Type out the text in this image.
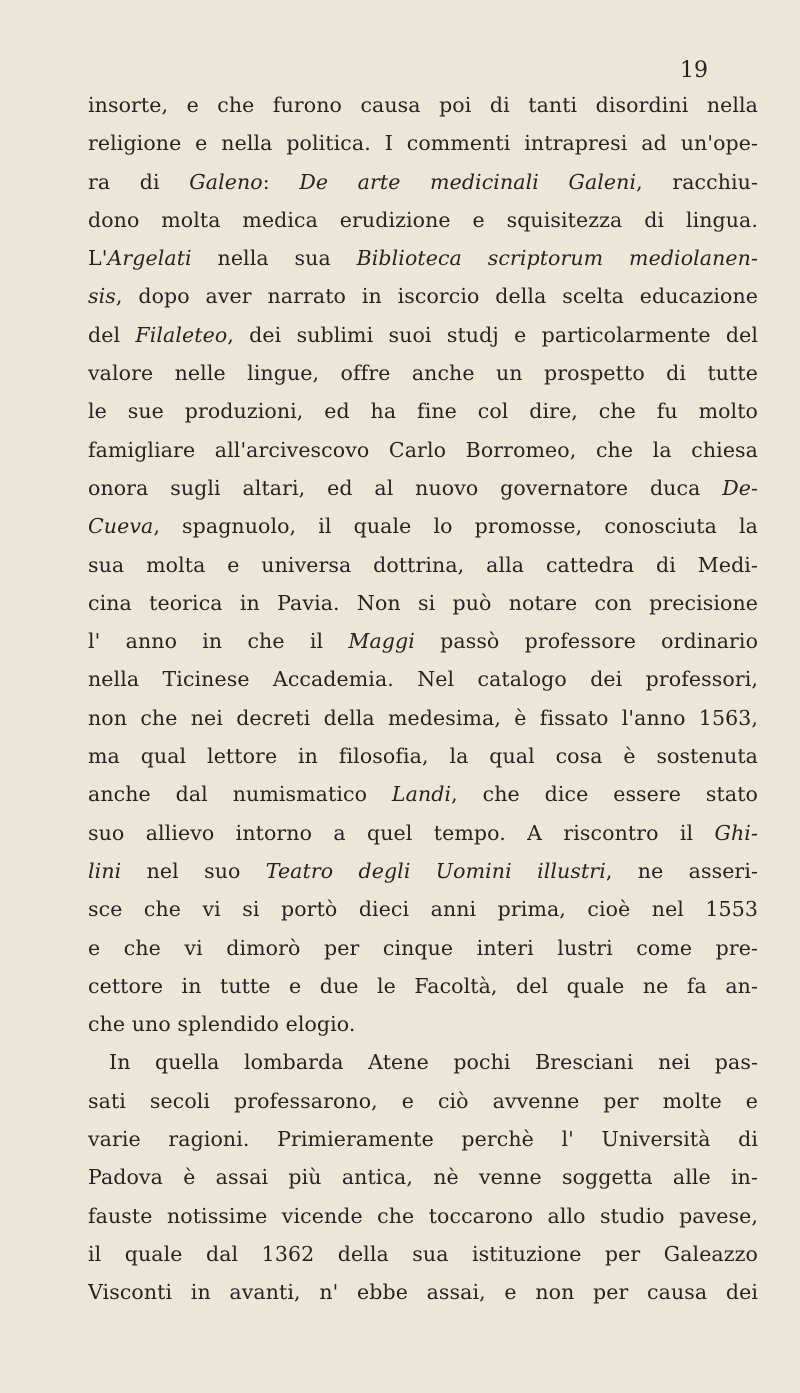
19
insorte, e che furono causa poi di tanti disordini nella
religione e nella politica. I commenti intrapresi ad un'ope-
ra di Galeno: De arte medicinali Galeni, racchiu-
dono molta medica erudizione e squisitezza di lingua.
L'Argelati nella sua Biblioteca scriptorum mediolanen-
sis, dopo aver narrato in iscorcio della scelta educazione
del Filaleteo, dei sublimi suoi studj e particolarmente del
valore nelle lingue, offre anche un prospetto di tutte
le sue produzioni, ed ha fine col dire, che fu molto
famigliare all'arcivescovo Carlo Borromeo, che la chiesa
onora sugli altari, ed al nuovo governatore duca De-
Cueva, spagnuolo, il quale lo promosse, conosciuta la
sua molta e universa dottrina, alla cattedra di Medi-
cina teorica in Pavia. Non si può notare con precisione
l' anno in che il Maggi passò professore ordinario
nella Ticinese Accademia. Nel catalogo dei professori,
non che nei decreti della medesima, è fissato l'anno 1563,
ma qual lettore in filosofia, la qual cosa è sostenuta
anche dal numismatico Landi, che dice essere stato
suo allievo intorno a quel tempo. A riscontro il Ghi-
lini nel suo Teatro degli Uomini illustri, ne asseri-
sce che vi si portò dieci anni prima, cioè nel 1553
e che vi dimorò per cinque interi lustri come pre-
cettore in tutte e due le Facoltà, del quale ne fa an-
che uno splendido elogio.
In quella lombarda Atene pochi Bresciani nei pas-
sati secoli professarono, e ciò avvenne per molte e
varie ragioni. Primieramente perchè l' Università di
Padova è assai più antica, nè venne soggetta alle in-
fauste notissime vicende che toccarono allo studio pavese,
il quale dal 1362 della sua istituzione per Galeazzo
Visconti in avanti, n' ebbe assai, e non per causa dei
